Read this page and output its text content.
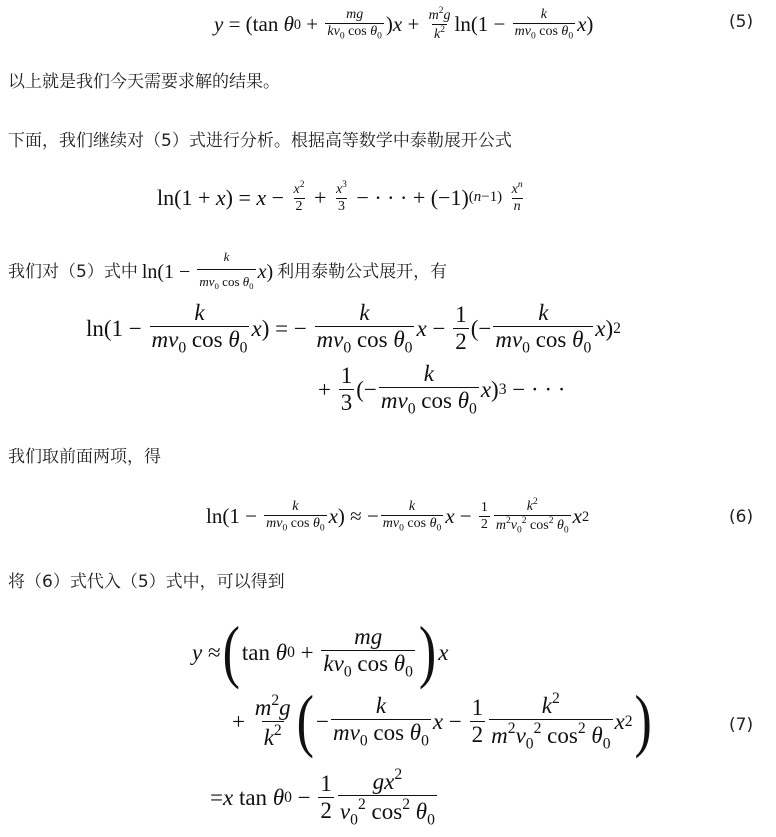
y = (tan θ $0 + \frac{mg}{kv_0 \cos \theta_0}$ ) $x + \frac{m^2g}{k^2} \ln(1 - \frac{k}{mv_0 \cos \theta_0}$ x )	(5)
以上就是我们今天需要求解的结果。
下面，我们继续对（5）式进行分析。根据高等数学中泰勒展开公式
ln(1 + x ) = $x - \frac{x^2}{2} + \frac{x^3}{3}$ − · · · + (−1) (n−1)
$\frac{x^n}{n}$
我们对（5）式中 $\ln(1 - \frac{k}{mv_0 \cos \theta_0}$ x ) 利用泰勒公式展开，有
$\ln(1 - \frac{k}{mv_0 \cos \theta_0}$ x ) = − $\frac{k}{mv_0 \cos \theta_0}$ $x - \frac{1}{2}$ (− $\frac{k}{mv_0 \cos \theta_0}$ x ) 2
+ $\frac{1}{3}$ (− $\frac{k}{mv_0 \cos \theta_0}$ x ) 3 − · · ·
我们取前面两项，得
$\ln(1 - \frac{k}{mv_0 \cos \theta_0}$ x ) ≈ − $\frac{k}{mv_0 \cos \theta_0}$ $x - \frac{1}{2} \frac{k^2}{m^2v_0^2 \cos^2 \theta_0}$ x 2	(6)
将（6）式代入（5）式中，可以得到
y ≈ ( tan θ $0 + \frac{mg}{kv_0 \cos \theta_0}$ ) x
+ $\frac{m^2g}{k^2}$ ( − $\frac{k}{mv_0 \cos \theta_0}$ $x - \frac{1}{2} \frac{k^2}{m^2v_0^2 \cos^2 \theta_0}$ x 2 )	(7)
= x tan θ $0 - \frac{1}{2} \frac{gx^2}{v_0^2 \cos^2 \theta_0}$
